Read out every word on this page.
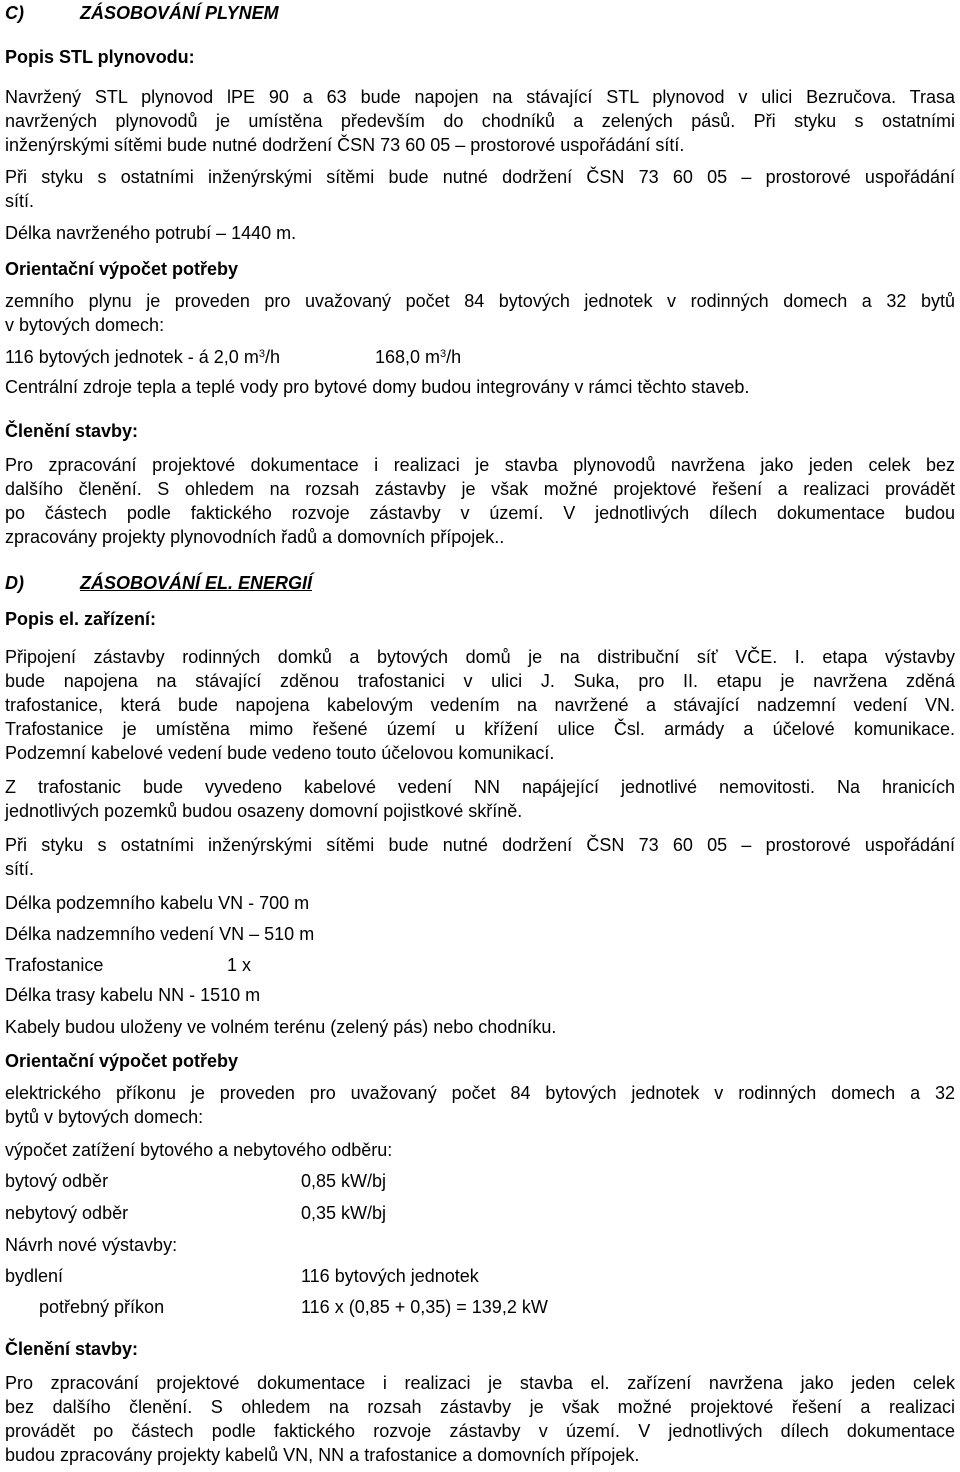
C)	ZÁSOBOVÁNÍ PLYNEM
Popis STL plynovodu:
Navržený STL plynovod lPE 90 a 63 bude napojen na stávající STL plynovod v ulici Bezručova. Trasa
navržených plynovodů je umístěna především do chodníků a zelených pásů. Při styku s ostatními
inženýrskými sítěmi bude nutné dodržení ČSN 73 60 05 – prostorové uspořádání sítí.
Při styku s ostatními inženýrskými sítěmi bude nutné dodržení ČSN 73 60 05 – prostorové uspořádání
sítí.
Délka navrženého potrubí – 1440 m.
Orientační výpočet potřeby
zemního plynu je proveden pro uvažovaný počet 84 bytových jednotek v rodinných domech a 32 bytů
v bytových domech:
116 bytových jednotek - á 2,0 $m^3/h$	168,0 $m^3/h$
Centrální zdroje tepla a teplé vody pro bytové domy budou integrovány v rámci těchto staveb.
Členění stavby:
Pro zpracování projektové dokumentace i realizaci je stavba plynovodů navržena jako jeden celek bez
dalšího členění. S ohledem na rozsah zástavby je však možné projektové řešení a realizaci provádět
po částech podle faktického rozvoje zástavby v území. V jednotlivých dílech dokumentace budou
zpracovány projekty plynovodních řadů a domovních přípojek..
D)	ZÁSOBOVÁNÍ EL. ENERGIÍ
Popis el. zařízení:
Připojení zástavby rodinných domků a bytových domů je na distribuční síť VČE. I. etapa výstavby
bude napojena na stávající zděnou trafostanici v ulici J. Suka, pro II. etapu je navržena zděná
trafostanice, která bude napojena kabelovým vedením na navržené a stávající nadzemní vedení VN.
Trafostanice je umístěna mimo řešené území u křížení ulice Čsl. armády a účelové komunikace.
Podzemní kabelové vedení bude vedeno touto účelovou komunikací.
Z trafostanic bude vyvedeno kabelové vedení NN napájející jednotlivé nemovitosti. Na hranicích
jednotlivých pozemků budou osazeny domovní pojistkové skříně.
Při styku s ostatními inženýrskými sítěmi bude nutné dodržení ČSN 73 60 05 – prostorové uspořádání
sítí.
Délka podzemního kabelu VN - 700 m
Délka nadzemního vedení VN – 510 m
Trafostanice	1 x
Délka trasy kabelu NN - 1510 m
Kabely budou uloženy ve volném terénu (zelený pás) nebo chodníku.
Orientační výpočet potřeby
elektrického příkonu je proveden pro uvažovaný počet 84 bytových jednotek v rodinných domech a 32
bytů v bytových domech:
výpočet zatížení bytového a nebytového odběru:
bytový odběr	0,85 kW/bj
nebytový odběr	0,35 kW/bj
Návrh nové výstavby:
bydlení	116 bytových jednotek
potřebný příkon	116 x (0,85 + 0,35) = 139,2 kW
Členění stavby:
Pro zpracování projektové dokumentace i realizaci je stavba el. zařízení navržena jako jeden celek
bez dalšího členění. S ohledem na rozsah zástavby je však možné projektové řešení a realizaci
provádět po částech podle faktického rozvoje zástavby v území. V jednotlivých dílech dokumentace
budou zpracovány projekty kabelů VN, NN a trafostanice a domovních přípojek.
